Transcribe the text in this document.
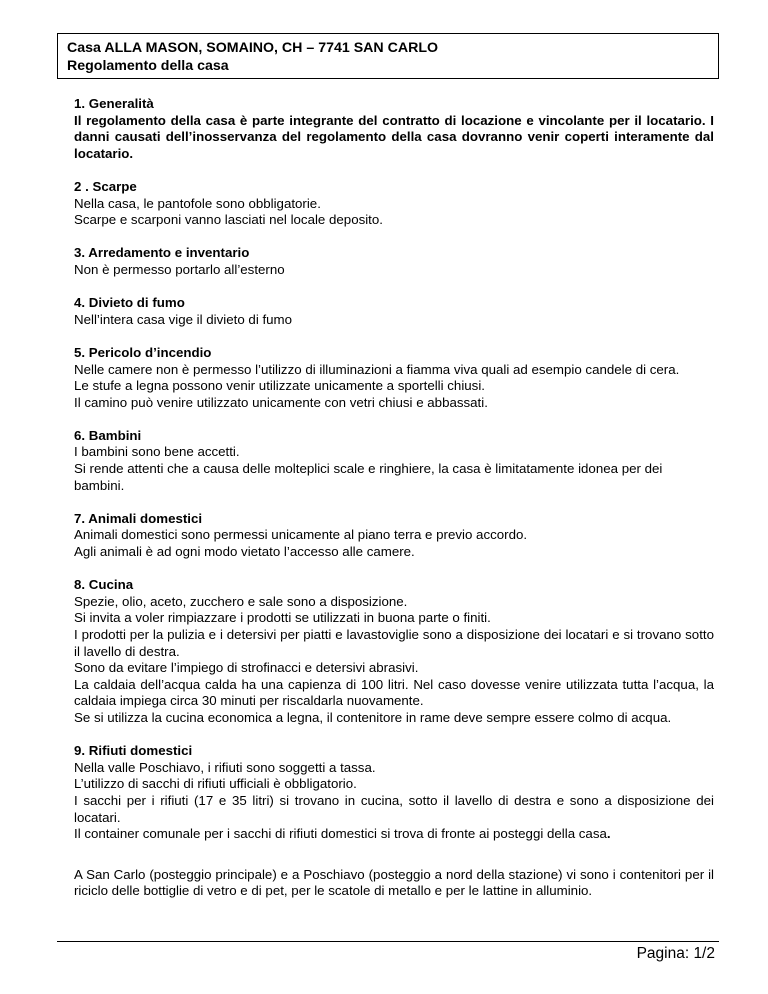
Casa ALLA MASON, SOMAINO, CH – 7741 SAN CARLO
Regolamento della casa
1. Generalità
Il regolamento della casa è parte integrante del contratto di locazione e vincolante per il locatario. I danni causati dell’inosservanza del regolamento della casa dovranno venir coperti interamente dal locatario.
2 . Scarpe
Nella casa, le pantofole sono obbligatorie.
Scarpe e scarponi vanno lasciati nel locale deposito.
3. Arredamento e inventario
Non è permesso portarlo all’esterno
4. Divieto di fumo
Nell’intera casa vige il divieto di fumo
5. Pericolo d’incendio
Nelle camere non è permesso l’utilizzo di illuminazioni a fiamma viva quali ad esempio candele di cera.
Le stufe a legna possono venir utilizzate unicamente a sportelli chiusi.
Il camino può venire utilizzato unicamente con vetri chiusi e abbassati.
6. Bambini
I bambini sono bene accetti.
Si rende attenti che a causa delle molteplici scale e ringhiere, la casa è limitatamente idonea per dei bambini.
7. Animali domestici
Animali domestici sono permessi unicamente al piano terra e previo accordo.
Agli animali è ad ogni modo vietato l’accesso alle camere.
8. Cucina
Spezie, olio, aceto, zucchero e sale sono a disposizione.
Si invita a voler rimpiazzare i prodotti se utilizzati in buona parte o finiti.
I prodotti per la pulizia e i detersivi per piatti e lavastoviglie sono a disposizione dei locatari e si trovano sotto il lavello di destra.
Sono da evitare l’impiego di strofinacci e detersivi abrasivi.
La caldaia dell’acqua calda ha una capienza di 100 litri. Nel caso dovesse venire utilizzata tutta l’acqua, la caldaia impiega circa 30 minuti per riscaldarla nuovamente.
Se si utilizza la cucina economica a legna, il contenitore in rame deve sempre essere colmo di acqua.
9. Rifiuti domestici
Nella valle Poschiavo, i rifiuti sono soggetti a tassa.
L’utilizzo di sacchi di rifiuti ufficiali è obbligatorio.
I sacchi per i rifiuti (17 e 35 litri) si trovano in cucina, sotto il lavello di destra e sono a disposizione dei locatari.
Il container comunale per i sacchi di rifiuti domestici si trova di fronte ai posteggi della casa.
A San Carlo (posteggio principale) e a Poschiavo (posteggio a nord della stazione) vi sono i contenitori per il riciclo delle bottiglie di vetro e di pet, per le scatole di metallo e per le lattine in alluminio.
Pagina: 1/2
